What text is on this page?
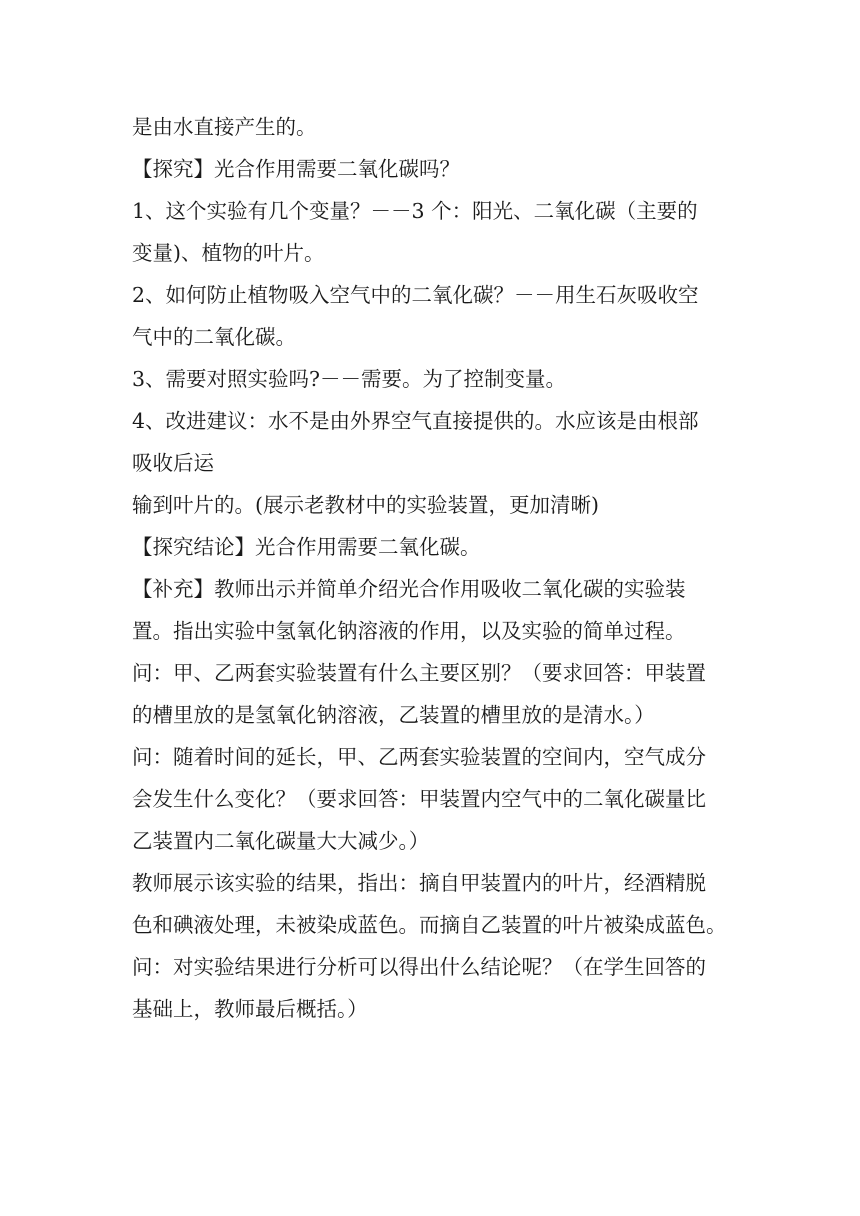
是由水直接产生的。
【探究】光合作用需要二氧化碳吗？
1、这个实验有几个变量？－－3 个：阳光、二氧化碳（主要的
变量)、植物的叶片。
2、如何防止植物吸入空气中的二氧化碳？－－用生石灰吸收空
气中的二氧化碳。
3、需要对照实验吗?－－需要。为了控制变量。
4、改进建议：水不是由外界空气直接提供的。水应该是由根部
吸收后运
输到叶片的。(展示老教材中的实验装置，更加清晰)
【探究结论】光合作用需要二氧化碳。
【补充】教师出示并简单介绍光合作用吸收二氧化碳的实验装
置。指出实验中氢氧化钠溶液的作用，以及实验的简单过程。
问：甲、乙两套实验装置有什么主要区别？（要求回答：甲装置
的槽里放的是氢氧化钠溶液，乙装置的槽里放的是清水。）
问：随着时间的延长，甲、乙两套实验装置的空间内，空气成分
会发生什么变化？（要求回答：甲装置内空气中的二氧化碳量比
乙装置内二氧化碳量大大减少。）
教师展示该实验的结果，指出：摘自甲装置内的叶片，经酒精脱
色和碘液处理，未被染成蓝色。而摘自乙装置的叶片被染成蓝色。
问：对实验结果进行分析可以得出什么结论呢？（在学生回答的
基础上，教师最后概括。）
